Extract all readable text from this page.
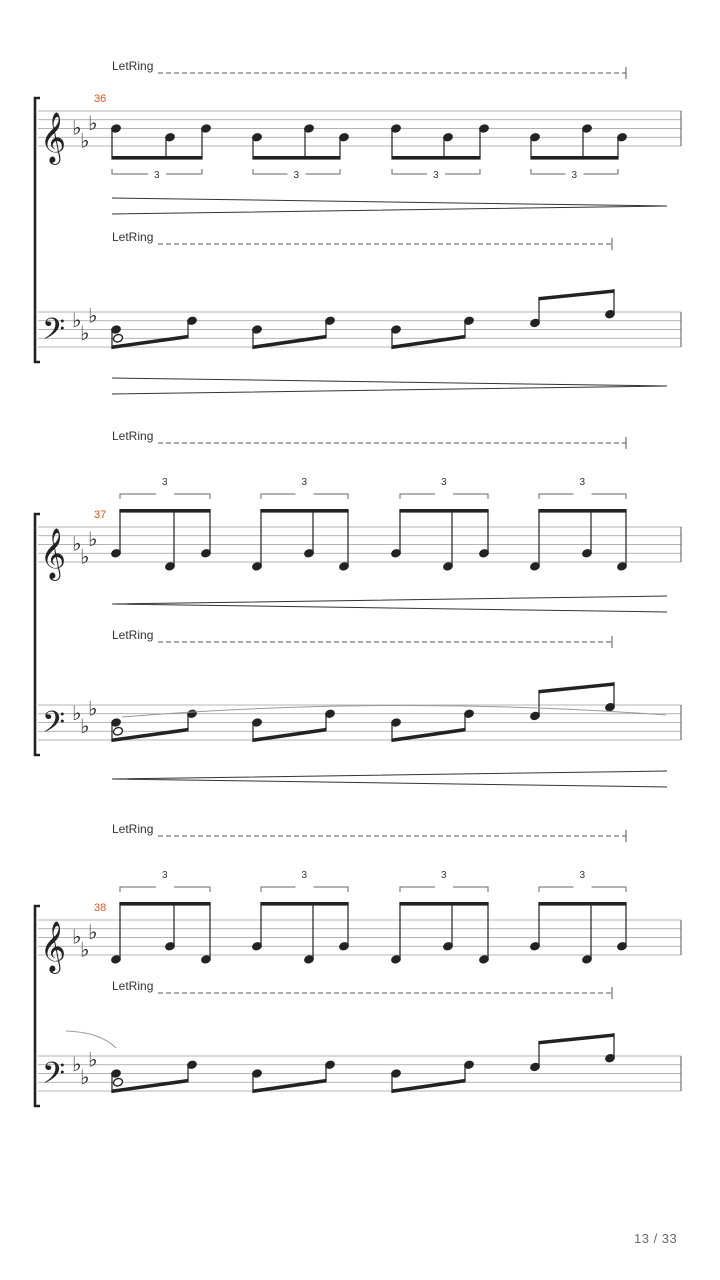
LetRing
LetRing
36
𝄞
𝄢
♭
♭
♭
♭
♭
♭
3	3	3	3
LetRing
LetRing
37
𝄞
𝄢
♭
♭
♭
♭
♭
♭
3	3	3	3
LetRing
LetRing
38
𝄞
𝄢
♭
♭
♭
♭
♭
♭
3	3	3	3
13 / 33
